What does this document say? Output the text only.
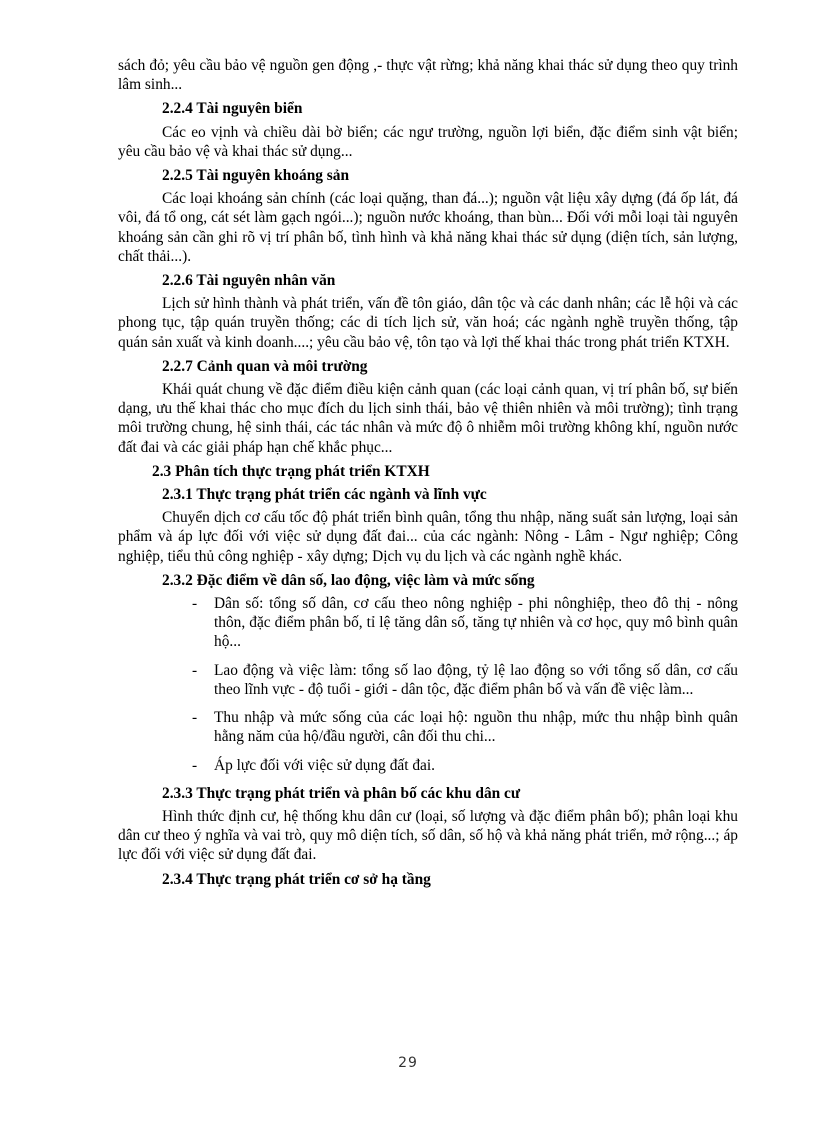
sách đỏ; yêu cầu bảo vệ nguồn gen động ,- thực vật rừng; khả năng khai thác sử dụng theo quy trình lâm sinh...
2.2.4 Tài nguyên biển
Các eo vịnh và chiều dài bờ biển; các ngư trường, nguồn lợi biển, đặc điểm sinh vật biển; yêu cầu bảo vệ và khai thác sử dụng...
2.2.5 Tài nguyên khoáng sản
Các loại khoáng sản chính (các loại quặng, than đá...); nguồn vật liệu xây dựng (đá ốp lát, đá vôi, đá tổ ong, cát sét làm gạch ngói...); nguồn nước khoáng, than bùn... Đối với mỗi loại tài nguyên khoáng sản cần ghi rõ vị trí phân bố, tình hình và khả năng khai thác sử dụng (diện tích, sản lượng, chất thải...).
2.2.6 Tài nguyên nhân văn
Lịch sử hình thành và phát triển, vấn đề tôn giáo, dân tộc và các danh nhân; các lễ hội và các phong tục, tập quán truyền thống; các di tích lịch sử, văn hoá; các ngành nghề truyền thống, tập quán sản xuất và kinh doanh....; yêu cầu bảo vệ, tôn tạo và lợi thế khai thác trong phát triển KTXH.
2.2.7 Cảnh quan và môi trường
Khái quát chung về đặc điểm điều kiện cảnh quan (các loại cảnh quan, vị trí phân bố, sự biến dạng, ưu thế khai thác cho mục đích du lịch sinh thái, bảo vệ thiên nhiên và môi trường); tình trạng môi trường chung, hệ sinh thái, các tác nhân và mức độ ô nhiễm môi trường không khí, nguồn nước đất đai và các giải pháp hạn chế khắc phục...
2.3 Phân tích thực trạng phát triển KTXH
2.3.1 Thực trạng phát triển các ngành và lĩnh vực
Chuyển dịch cơ cấu tốc độ phát triển bình quân, tổng thu nhập, năng suất sản lượng, loại sản phẩm và áp lực đối với việc sử dụng đất đai... của các ngành: Nông - Lâm - Ngư nghiệp; Công nghiệp, tiểu thủ công nghiệp - xây dựng; Dịch vụ du lịch và các ngành nghề khác.
2.3.2 Đặc điểm về dân số, lao động, việc làm và mức sống
- Dân số: tổng số dân, cơ cấu theo nông nghiệp - phi nônghiệp, theo đô thị - nông thôn, đặc điểm phân bố, tỉ lệ tăng dân số, tăng tự nhiên và cơ học, quy mô bình quân hộ...
- Lao động và việc làm: tổng số lao động, tỷ lệ lao động so với tổng số dân, cơ cấu theo lĩnh vực - độ tuổi - giới - dân tộc, đặc điểm phân bố và vấn đề việc làm...
- Thu nhập và mức sống của các loại hộ: nguồn thu nhập, mức thu nhập bình quân hằng năm của hộ/đầu người, cân đối thu chi...
- Áp lực đối với việc sử dụng đất đai.
2.3.3 Thực trạng phát triển và phân bố các khu dân cư
Hình thức định cư, hệ thống khu dân cư (loại, số lượng và đặc điểm phân bố); phân loại khu dân cư theo ý nghĩa và vai trò, quy mô diện tích, số dân, số hộ và khả năng phát triển, mở rộng...; áp lực đối với việc sử dụng đất đai.
2.3.4 Thực trạng phát triển cơ sở hạ tầng
29
